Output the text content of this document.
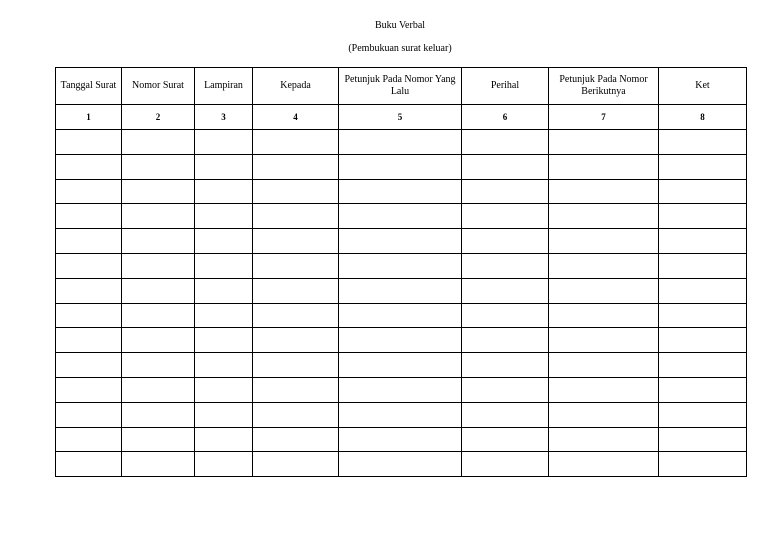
Buku Verbal
(Pembukuan surat keluar)
Tanggal Surat	Nomor Surat	Lampiran	Kepada	Petunjuk Pada Nomor Yang Lalu	Perihal	Petunjuk Pada Nomor Berikutnya	Ket
1	2	3	4	5	6	7	8
